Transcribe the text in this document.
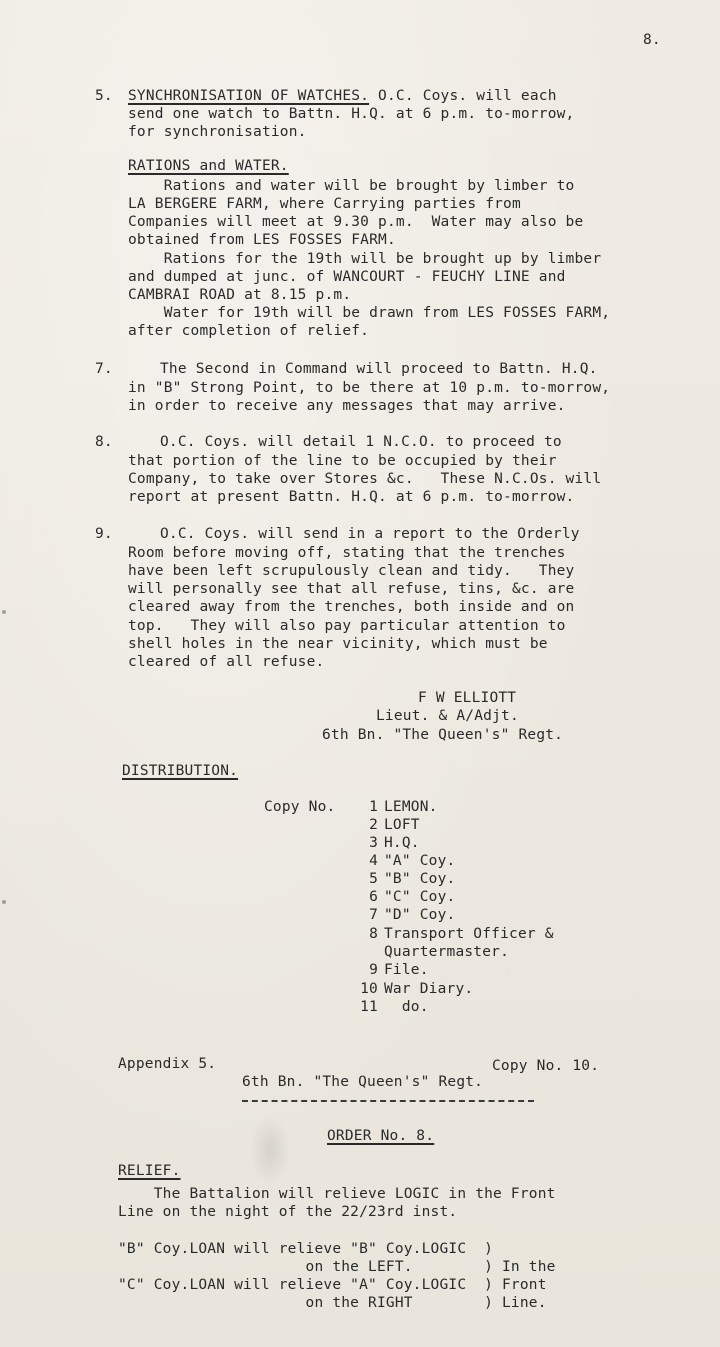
8.

5. SYNCHRONISATION OF WATCHES. O.C. Coys. will each

send one watch to Battn. H.Q. at 6 p.m. to-morrow,

for synchronisation.

RATIONS and WATER.

Rations and water will be brought by limber to

LA BERGERE FARM, where Carrying parties from

Companies will meet at 9.30 p.m.  Water may also be

obtained from LES FOSSES FARM.

Rations for the 19th will be brought up by limber

and dumped at junc. of WANCOURT - FEUCHY LINE and

CAMBRAI ROAD at 8.15 p.m.

Water for 19th will be drawn from LES FOSSES FARM,

after completion of relief.

7.	The Second in Command will proceed to Battn. H.Q.

in "B" Strong Point, to be there at 10 p.m. to-morrow,

in order to receive any messages that may arrive.

8.	O.C. Coys. will detail 1 N.C.O. to proceed to

that portion of the line to be occupied by their

Company, to take over Stores &c.   These N.C.Os. will

report at present Battn. H.Q. at 6 p.m. to-morrow.

9.	O.C. Coys. will send in a report to the Orderly

Room before moving off, stating that the trenches

have been left scrupulously clean and tidy.   They

will personally see that all refuse, tins, &c. are

cleared away from the trenches, both inside and on

top.   They will also pay particular attention to

shell holes in the near vicinity, which must be

cleared of all refuse.

F W ELLIOTT

Lieut. & A/Adjt.

6th Bn. "The Queen's" Regt.

DISTRIBUTION.

Copy No.	1 LEMON.

2 LOFT

3 H.Q.

4 "A" Coy.

5 "B" Coy.

6 "C" Coy.

7 "D" Coy.

8 Transport Officer &

Quartermaster.

9 File.

10 War Diary.

11 do.

Appendix 5.	Copy No. 10.

6th Bn. "The Queen's" Regt.

ORDER No. 8.

RELIEF.

The Battalion will relieve LOGIC in the Front

Line on the night of the 22/23rd inst.

"B" Coy.LOAN will relieve "B" Coy.LOGIC  )

on the LEFT.        ) In the

"C" Coy.LOAN will relieve "A" Coy.LOGIC  ) Front

on the RIGHT        ) Line.
